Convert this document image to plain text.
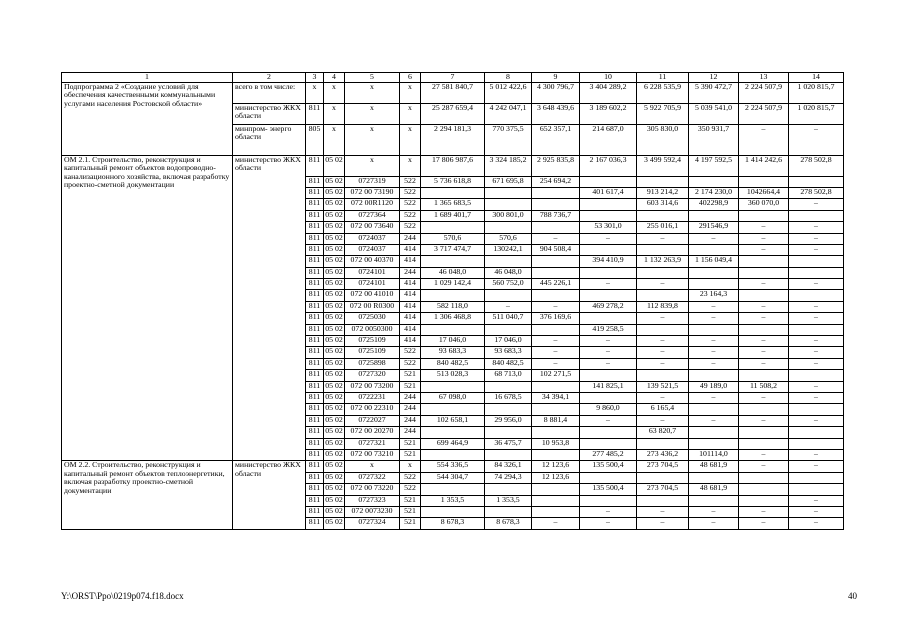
1	2	3	4	5	6	7	8	9	10	11	12	13	14
Подпрограмма 2 «Создание условий для обеспечения качественными коммунальными услугами населения Ростовской области»	всего в том числе:	х	х	х	х	27 581 840,7	5 012 422,6	4 300 796,7	3 404 289,2	6 228 535,9	5 390 472,7	2 224 507,9	1 020 815,7
	министерство ЖКХ области	811	х	х	х	25 287 659,4	4 242 047,1	3 648 439,6	3 189 602,2	5 922 705,9	5 039 541,0	2 224 507,9	1 020 815,7
	минпром- энерго области	805	х	х	х	2 294 181,3	770 375,5	652 357,1	214 687,0	305 830,0	350 931,7	–	–
ОМ 2.1. Строительство, реконструкция и капитальный ремонт объектов водопроводно-канализационного хозяйства, включая разработку проектно-сметной документации	министерство ЖКХ области	811	05 02	х	х	17 806 987,6	3 324 185,2	2 925 835,8	2 167 036,3	3 499 592,4	4 197 592,5	1 414 242,6	278 502,8
		811	05 02	0727319	522	5 736 618,8	671 695,8	254 694,2					
		811	05 02	072 00 73190	522				401 617,4	913 214,2	2 174 230,0	1042664,4	278 502,8
		811	05 02	072 00R1120	522	1 365 683,5				603 314,6	402298,9	360 070,0	–
		811	05 02	0727364	522	1 689 401,7	300 801,0	788 736,7					
		811	05 02	072 00 73640	522				53 301,0	255 016,1	291546,9	–	–
		811	05 02	0724037	244	570,6	570,6	–	–	–	–	–	–
		811	05 02	0724037	414	3 717 474,7	130242,1	904 508,4				–	–
		811	05 02	072 00 40370	414				394 410,9	1 132 263,9	1 156 049,4		
		811	05 02	0724101	244	46 048,0	46 048,0						
		811	05 02	0724101	414	1 029 142,4	560 752,0	445 226,1	–	–		–	–
		811	05 02	072 00 41010	414						23 164,3		
		811	05 02	072 00 R0300	414	582 118,0	–	–	469 278,2	112 839,8	–	–	–
		811	05 02	0725030	414	1 306 468,8	511 040,7	376 169,6		–	–	–	–
		811	05 02	072 0050300	414				419 258,5				
		811	05 02	0725109	414	17 046,0	17 046,0	–	–	–	–	–	–
		811	05 02	0725109	522	93 683,3	93 683,3	–	–	–	–	–	–
		811	05 02	0725898	522	840 482,5	840 482,5	–	–	–	–	–	–
		811	05 02	0727320	521	513 028,3	68 713,0	102 271,5					
		811	05 02	072 00 73200	521				141 825,1	139 521,5	49 189,0	11 508,2	–
		811	05 02	0722231	244	67 098,0	16 678,5	34 394,1		–	–	–	–
		811	05 02	072 00 22310	244				9 860,0	6 165,4			
		811	05 02	0722027	244	102 658,1	29 956,0	8 881,4	–	–	–	–	–
		811	05 02	072 00 20270	244					63 820,7			
		811	05 02	0727321	521	699 464,9	36 475,7	10 953,8					
		811	05 02	072 00 73210	521				277 485,2	273 436,2	101114,0	–	–
ОМ 2.2. Строительство, реконструкция и капитальный ремонт объектов теплоэнергетики, включая разработку проектно-сметной документации	министерство ЖКХ области	811	05 02	х	х	554 336,5	84 326,1	12 123,6	135 500,4	273 704,5	48 681,9	–	–
		811	05 02	0727322	522	544 304,7	74 294,3	12 123,6					
		811	05 02	072 00 73220	522				135 500,4	273 704,5	48 681,9		
		811	05 02	0727323	521	1 353,5	1 353,5						–
		811	05 02	072 0073230	521				–	–	–	–	–
		811	05 02	0727324	521	8 678,3	8 678,3	–	–	–	–	–	–
Y:\ORST\Ppo\0219p074.f18.docx	40
